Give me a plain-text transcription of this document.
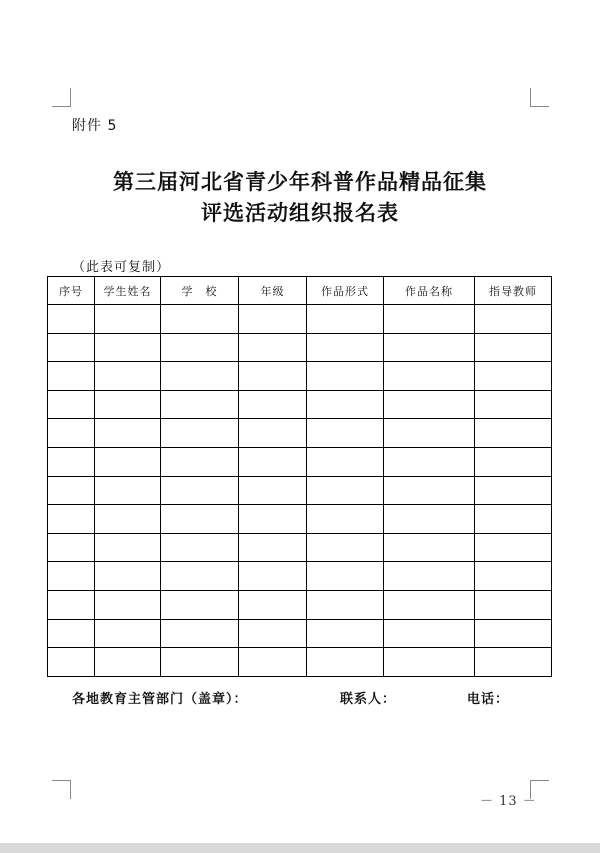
附件 5
第三届河北省青少年科普作品精品征集
评选活动组织报名表
（此表可复制）
序号	学生姓名	学　校	年级	作品形式	作品名称	指导教师

各地教育主管部门（盖章）：	联系人：	电话：
－ 13 －
